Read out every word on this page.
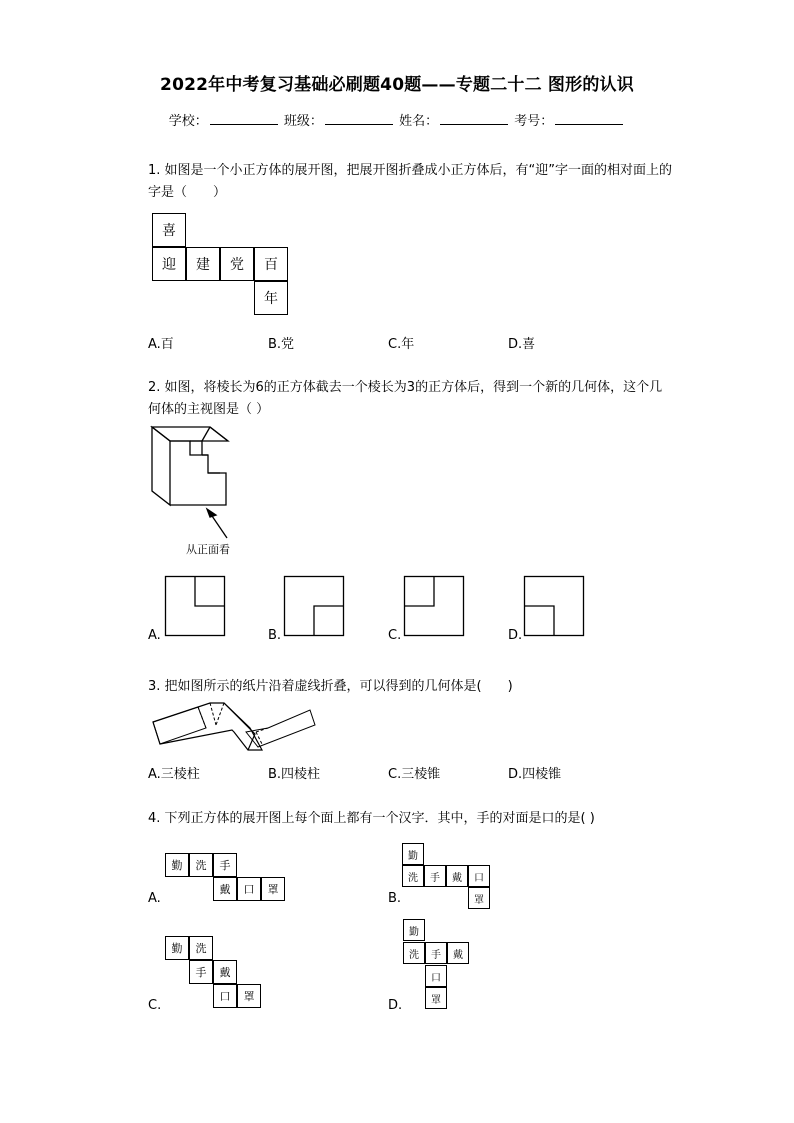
2022年中考复习基础必刷题40题——专题二十二 图形的认识
学校：	班级：	姓名：	考号：
1. 如图是一个小正方体的展开图，把展开图折叠成小正方体后，有“迎”字一面的相对面上的字是（　　）
喜
迎	建	党	百
年
A.百	B.党	C.年	D.喜
2. 如图，将棱长为6的正方体截去一个棱长为3的正方体后，得到一个新的几何体，这个几何体的主视图是（ ）
从正面看
A.	B.	C.	D.
3. 把如图所示的纸片沿着虚线折叠，可以得到的几何体是(　　)
A.三棱柱	B.四棱柱	C.三棱锥	D.四棱锥
4. 下列正方体的展开图上每个面上都有一个汉字．其中，手的对面是口的是( )
A.
勤	洗	手
戴	口	罩
B.
勤
洗	手	戴	口
罩
C.
勤	洗
手	戴
口	罩
D.
勤
洗	手	戴
口
罩
